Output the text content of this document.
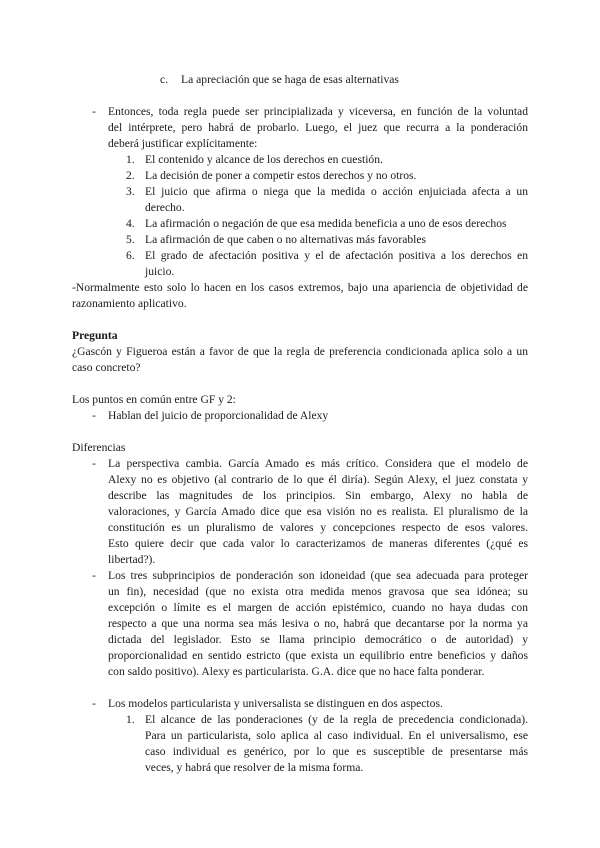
c. La apreciación que se haga de esas alternativas
- Entonces, toda regla puede ser principializada y viceversa, en función de la voluntad
del intérprete, pero habrá de probarlo. Luego, el juez que recurra a la ponderación
deberá justificar explícitamente:
1. El contenido y alcance de los derechos en cuestión.
2. La decisión de poner a competir estos derechos y no otros.
3. El juicio que afirma o niega que la medida o acción enjuiciada afecta a un
derecho.
4. La afirmación o negación de que esa medida beneficia a uno de esos derechos
5. La afirmación de que caben o no alternativas más favorables
6. El grado de afectación positiva y el de afectación positiva a los derechos en
juicio.
-Normalmente esto solo lo hacen en los casos extremos, bajo una apariencia de objetividad de
razonamiento aplicativo.
Pregunta
¿Gascón y Figueroa están a favor de que la regla de preferencia condicionada aplica solo a un
caso concreto?
Los puntos en común entre GF y 2:
- Hablan del juicio de proporcionalidad de Alexy
Diferencias
- La perspectiva cambia. García Amado es más crítico. Considera que el modelo de
Alexy no es objetivo (al contrario de lo que él diría). Según Alexy, el juez constata y
describe las magnitudes de los principios. Sin embargo, Alexy no habla de
valoraciones, y García Amado dice que esa visión no es realista. El pluralismo de la
constitución es un pluralismo de valores y concepciones respecto de esos valores.
Esto quiere decir que cada valor lo caracterizamos de maneras diferentes (¿qué es
libertad?).
- Los tres subprincipios de ponderación son idoneidad (que sea adecuada para proteger
un fin), necesidad (que no exista otra medida menos gravosa que sea idónea; su
excepción o límite es el margen de acción epistémico, cuando no haya dudas con
respecto a que una norma sea más lesiva o no, habrá que decantarse por la norma ya
dictada del legislador. Esto se llama principio democrático o de autoridad) y
proporcionalidad en sentido estricto (que exista un equilibrio entre beneficios y daños
con saldo positivo). Alexy es particularista. G.A. dice que no hace falta ponderar.
- Los modelos particularista y universalista se distinguen en dos aspectos.
1. El alcance de las ponderaciones (y de la regla de precedencia condicionada).
Para un particularista, solo aplica al caso individual. En el universalismo, ese
caso individual es genérico, por lo que es susceptible de presentarse más
veces, y habrá que resolver de la misma forma.
